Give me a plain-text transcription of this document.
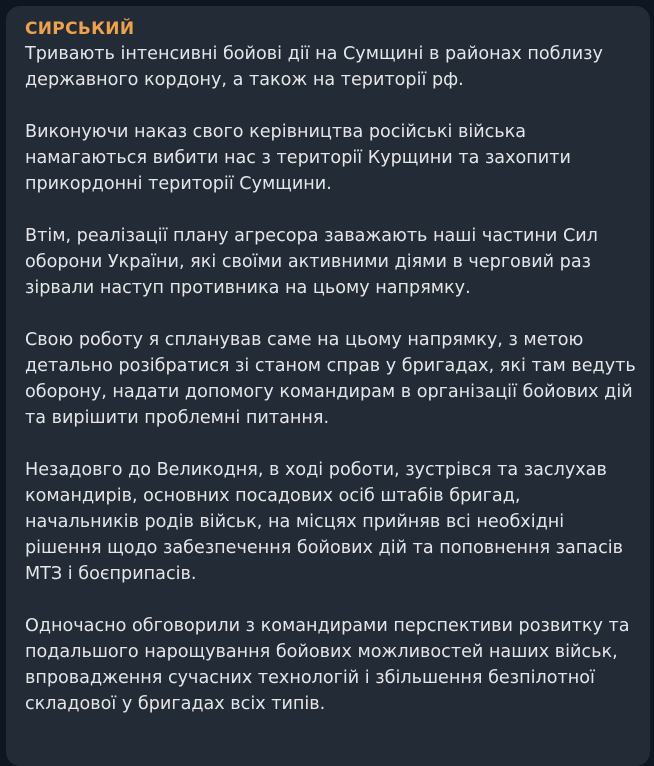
СИРСЬКИЙ
Тривають інтенсивні бойові дії на Сумщині в районах поблизу
державного кордону, а також на території рф.
Виконуючи наказ свого керівництва російські війська
намагаються вибити нас з території Курщини та захопити
прикордонні території Сумщини.
Втім, реалізації плану агресора заважають наші частини Сил
оборони України, які своїми активними діями в черговий раз
зірвали наступ противника на цьому напрямку.
Свою роботу я спланував саме на цьому напрямку, з метою
детально розібратися зі станом справ у бригадах, які там ведуть
оборону, надати допомогу командирам в організації бойових дій
та вирішити проблемні питання.
Незадовго до Великодня, в ході роботи, зустрівся та заслухав
командирів, основних посадових осіб штабів бригад,
начальників родів військ, на місцях прийняв всі необхідні
рішення щодо забезпечення бойових дій та поповнення запасів
МТЗ і боєприпасів.
Одночасно обговорили з командирами перспективи розвитку та
подальшого нарощування бойових можливостей наших військ,
впровадження сучасних технологій і збільшення безпілотної
складової у бригадах всіх типів.
